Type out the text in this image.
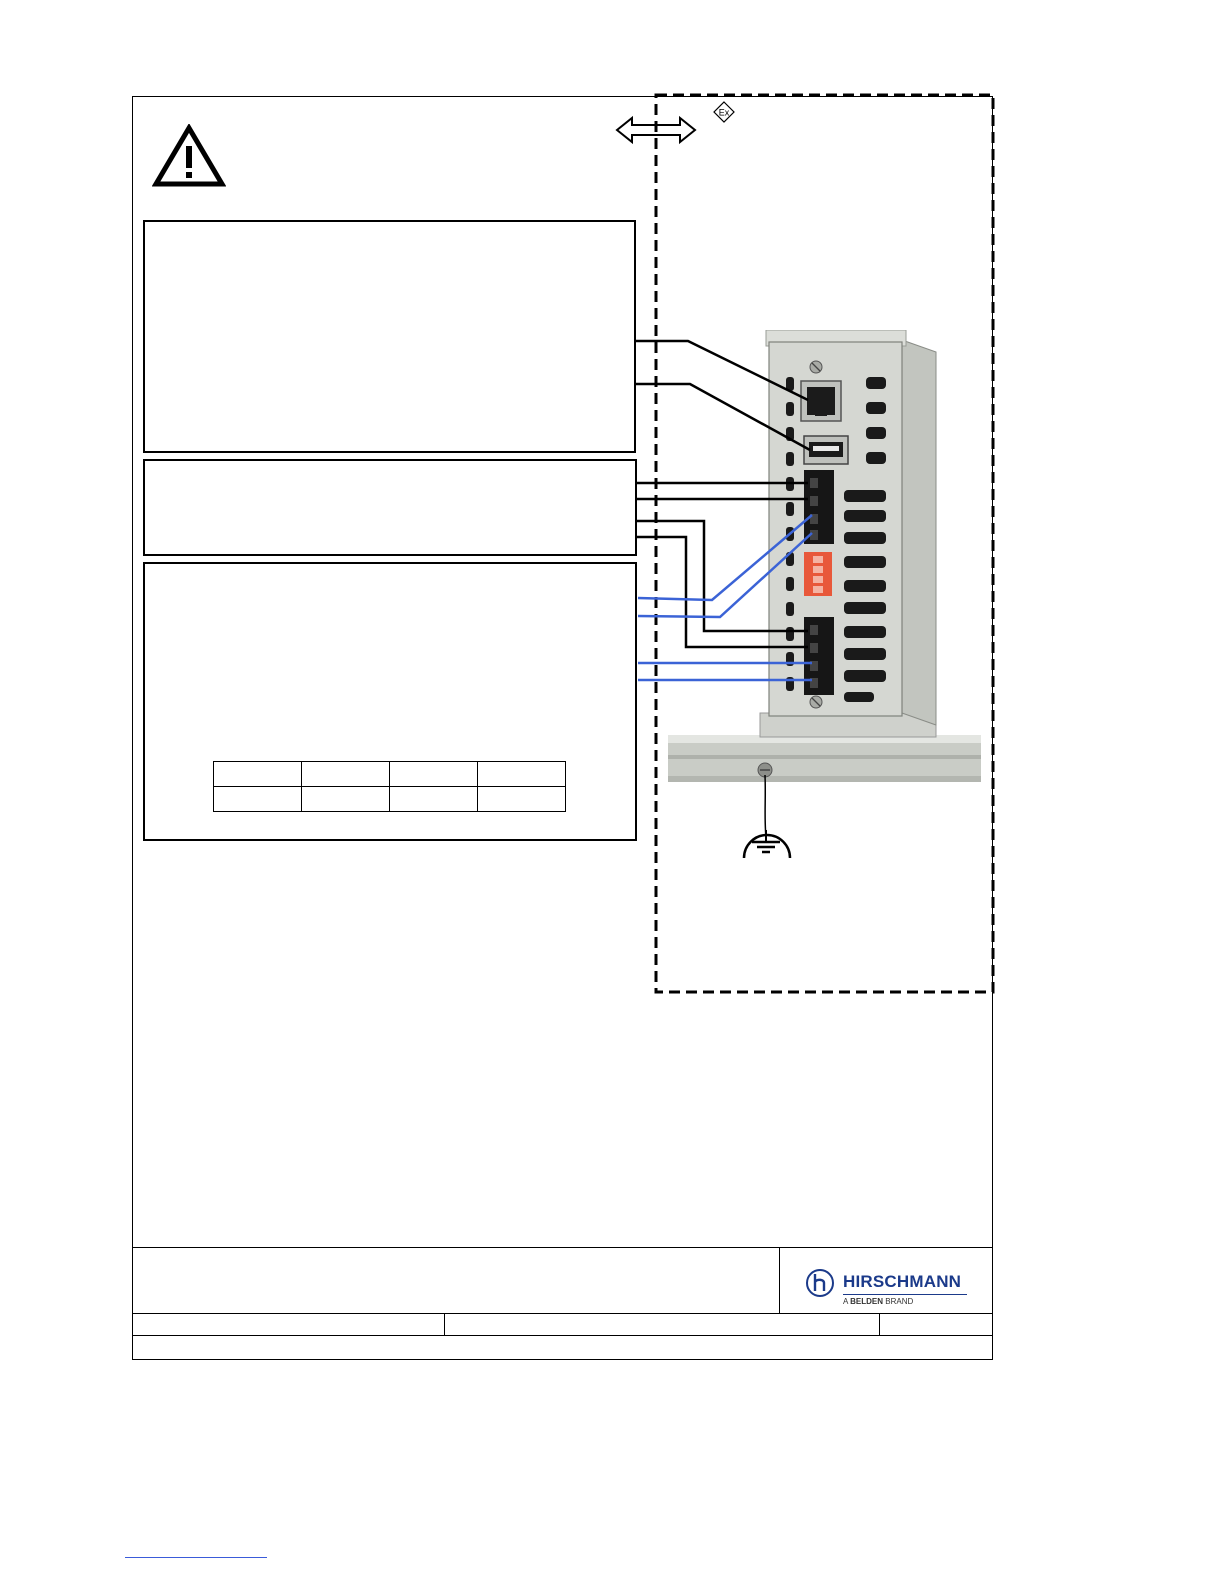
Ex

HIRSCHMANN
A BELDEN BRAND
